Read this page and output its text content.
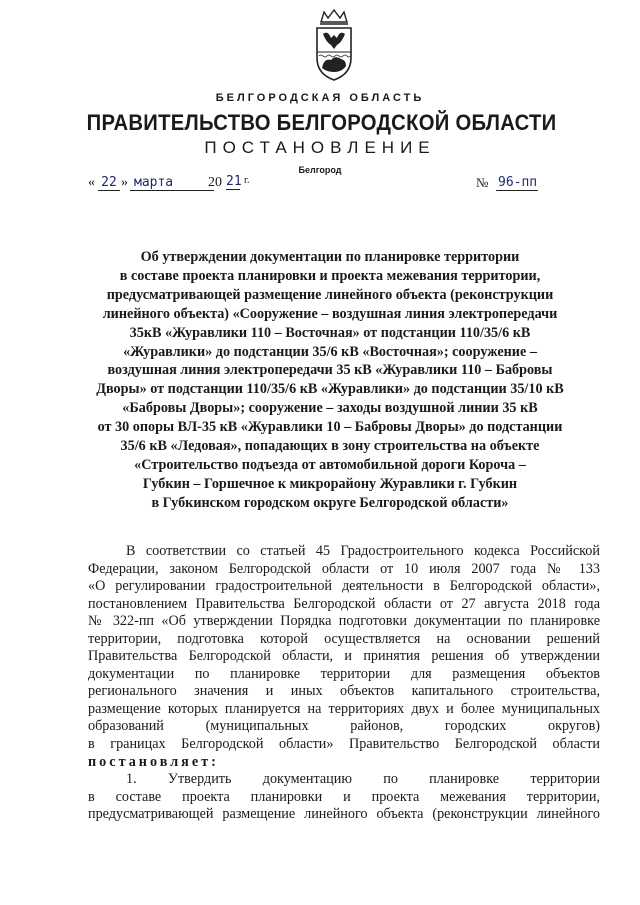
БЕЛГОРОДСКАЯ ОБЛАСТЬ
ПРАВИТЕЛЬСТВО БЕЛГОРОДСКОЙ ОБЛАСТИ
ПОСТАНОВЛЕНИЕ
Белгород
« 22 » марта	20 21 г.	№ 96-пп
Об утверждении документации по планировке территории
в составе проекта планировки и проекта межевания территории,
предусматривающей размещение линейного объекта (реконструкции
линейного объекта) «Сооружение – воздушная линия электропередачи
35кВ «Журавлики 110 – Восточная» от подстанции 110/35/6 кВ
«Журавлики» до подстанции 35/6 кВ «Восточная»; сооружение –
воздушная линия электропередачи 35 кВ «Журавлики 110 – Бабровы
Дворы» от подстанции 110/35/6 кВ «Журавлики» до подстанции 35/10 кВ
«Бабровы Дворы»; сооружение – заходы воздушной линии 35 кВ
от 30 опоры ВЛ-35 кВ «Журавлики 10 – Бабровы Дворы» до подстанции
35/6 кВ «Ледовая», попадающих в зону строительства на объекте
«Строительство подъезда от автомобильной дороги Короча –
Губкин – Горшечное к микрорайону Журавлики г. Губкин
в Губкинском городском округе Белгородской области»
В соответствии со статьей 45 Градостроительного кодекса Российской
Федерации, законом Белгородской области от 10 июля 2007 года № 133
«О регулировании градостроительной деятельности в Белгородской области»,
постановлением Правительства Белгородской области от 27 августа 2018 года
№ 322-пп «Об утверждении Порядка подготовки документации по планировке
территории, подготовка которой осуществляется на основании решений
Правительства Белгородской области, и принятия решения об утверждении
документации по планировке территории для размещения объектов
регионального значения и иных объектов капитального строительства,
размещение которых планируется на территориях двух и более муниципальных
образований (муниципальных районов, городских округов)
в границах Белгородской области» Правительство Белгородской области
постановляет:
1. Утвердить документацию по планировке территории
в составе проекта планировки и проекта межевания территории,
предусматривающей размещение линейного объекта (реконструкции линейного
